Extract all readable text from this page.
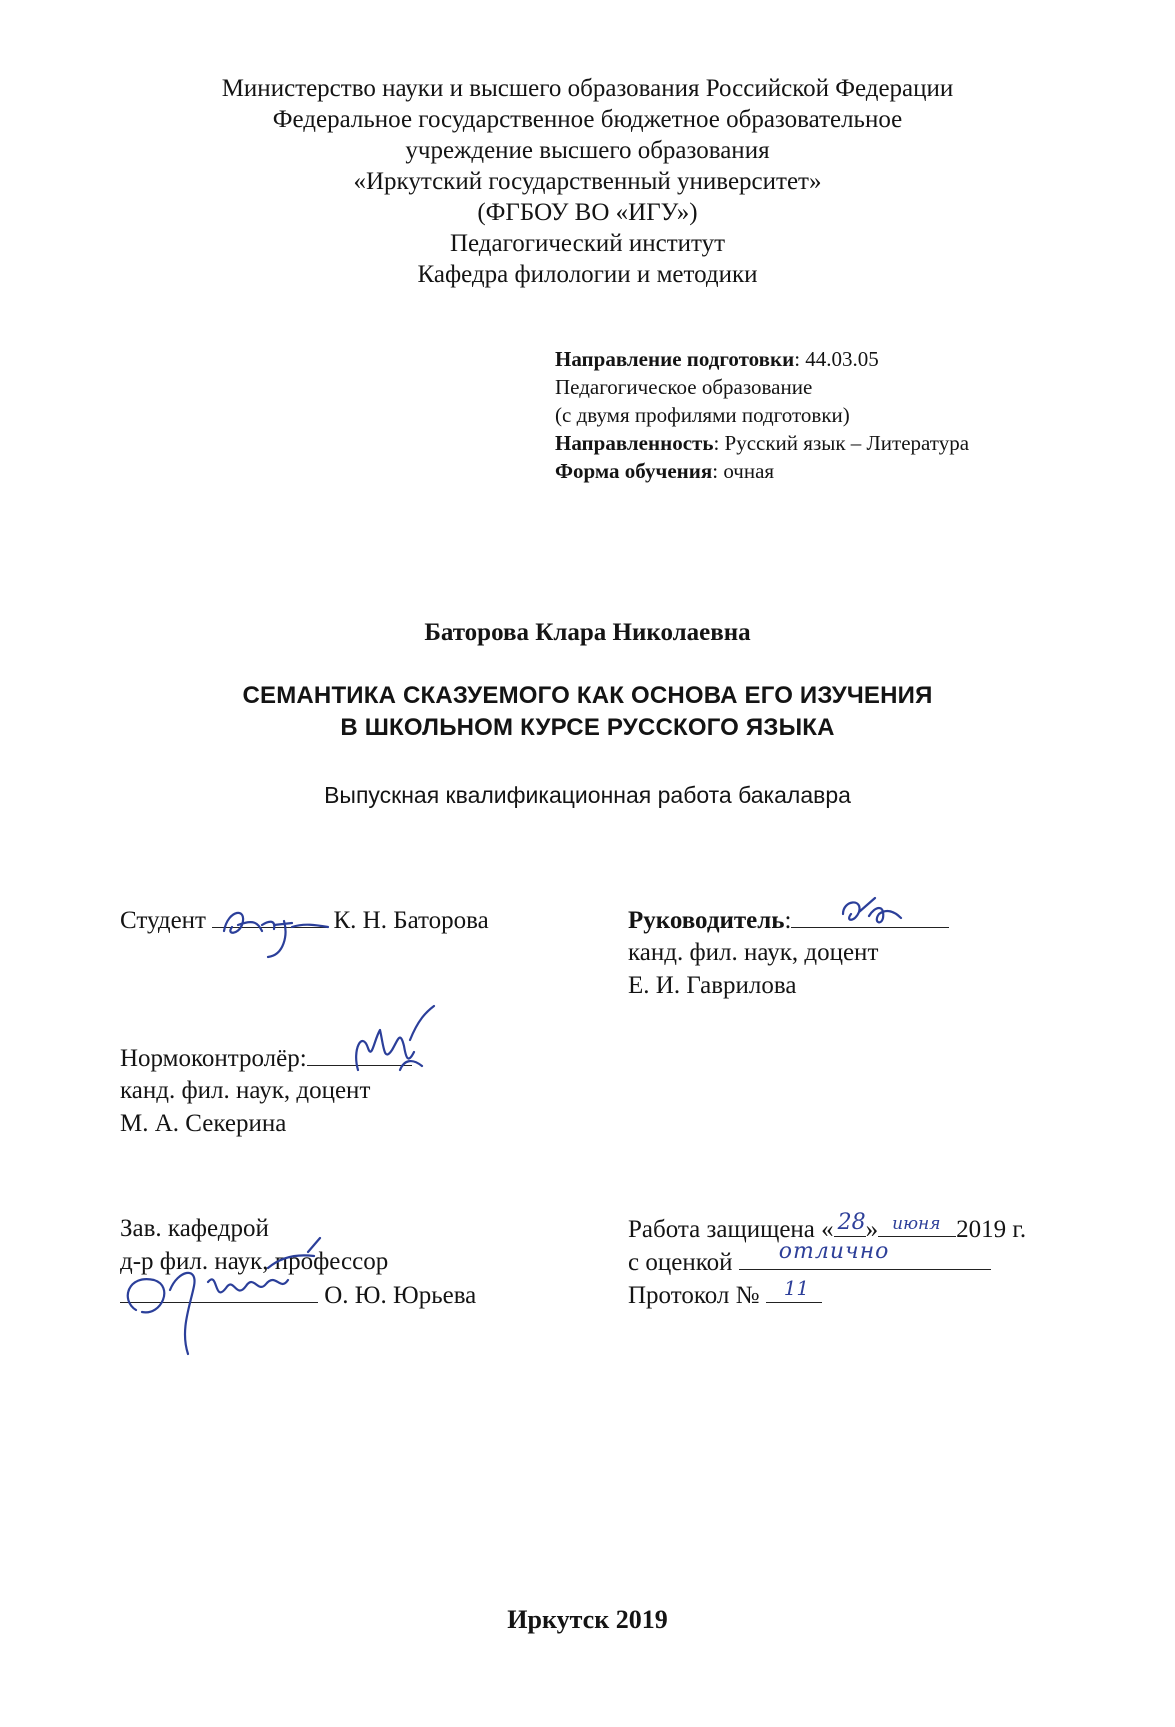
Министерство науки и высшего образования Российской Федерации
Федеральное государственное бюджетное образовательное
учреждение высшего образования
«Иркутский государственный университет»
(ФГБОУ ВО «ИГУ»)
Педагогический институт
Кафедра филологии и методики
Направление подготовки: 44.03.05
Педагогическое образование
(с двумя профилями подготовки)
Направленность: Русский язык – Литература
Форма обучения: очная
Баторова Клара Николаевна
СЕМАНТИКА СКАЗУЕМОГО КАК ОСНОВА ЕГО ИЗУЧЕНИЯ
В ШКОЛЬНОМ КУРСЕ РУССКОГО ЯЗЫКА
Выпускная квалификационная работа бакалавра
Студент	К. Н. Баторова	Руководитель:
канд. фил. наук, доцент
Е. И. Гаврилова
Нормоконтролёр:
канд. фил. наук, доцент
М. А. Секерина
Зав. кафедрой
д-р фил. наук, профессор
О. Ю. Юрьева
Работа защищена « 28 » июня 2019 г.
с оценкой отлично
Протокол № 11
Иркутск 2019
